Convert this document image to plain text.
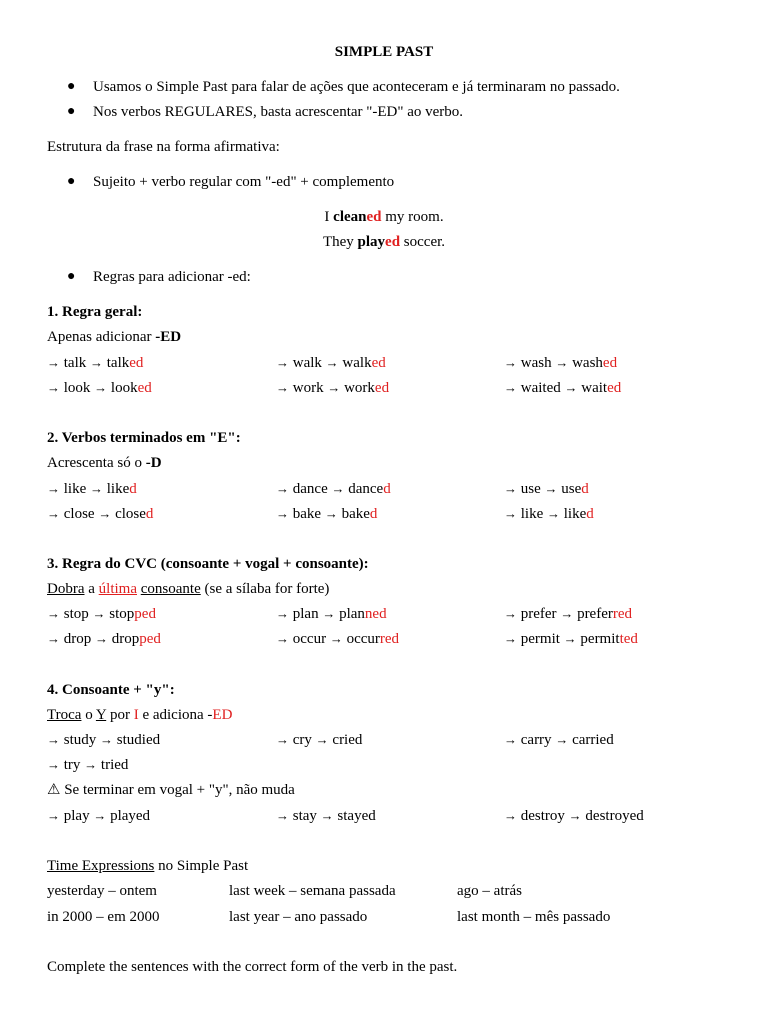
SIMPLE PAST
● Usamos o Simple Past para falar de ações que aconteceram e já terminaram no passado.
● Nos verbos REGULARES, basta acrescentar "-ED" ao verbo.
Estrutura da frase na forma afirmativa:
● Sujeito + verbo regular com "-ed" + complemento
I cleaned my room.
They played soccer.
● Regras para adicionar -ed:
1. Regra geral:
Apenas adicionar -ED
→ talk → talked	→ walk → walked	→ wash → washed
→ look → looked	→ work → worked	→ waited → waited
2. Verbos terminados em "E":
Acrescenta só o -D
→ like → liked	→ dance → danced	→ use → used
→ close → closed	→ bake → baked	→ like → liked
3. Regra do CVC (consoante + vogal + consoante):
Dobra a última consoante (se a sílaba for forte)
→ stop → stopped	→ plan → planned	→ prefer → preferred
→ drop → dropped	→ occur → occurred	→ permit → permitted
4. Consoante + "y":
Troca o Y por I e adiciona -ED
→ study → studied	→ cry → cried	→ carry → carried
→ try → tried
⚠ Se terminar em vogal + "y", não muda
→ play → played	→ stay → stayed	→ destroy → destroyed
Time Expressions no Simple Past
yesterday – ontem	last week – semana passada	ago – atrás
in 2000 – em 2000	last year – ano passado	last month – mês passado
Complete the sentences with the correct form of the verb in the past.
